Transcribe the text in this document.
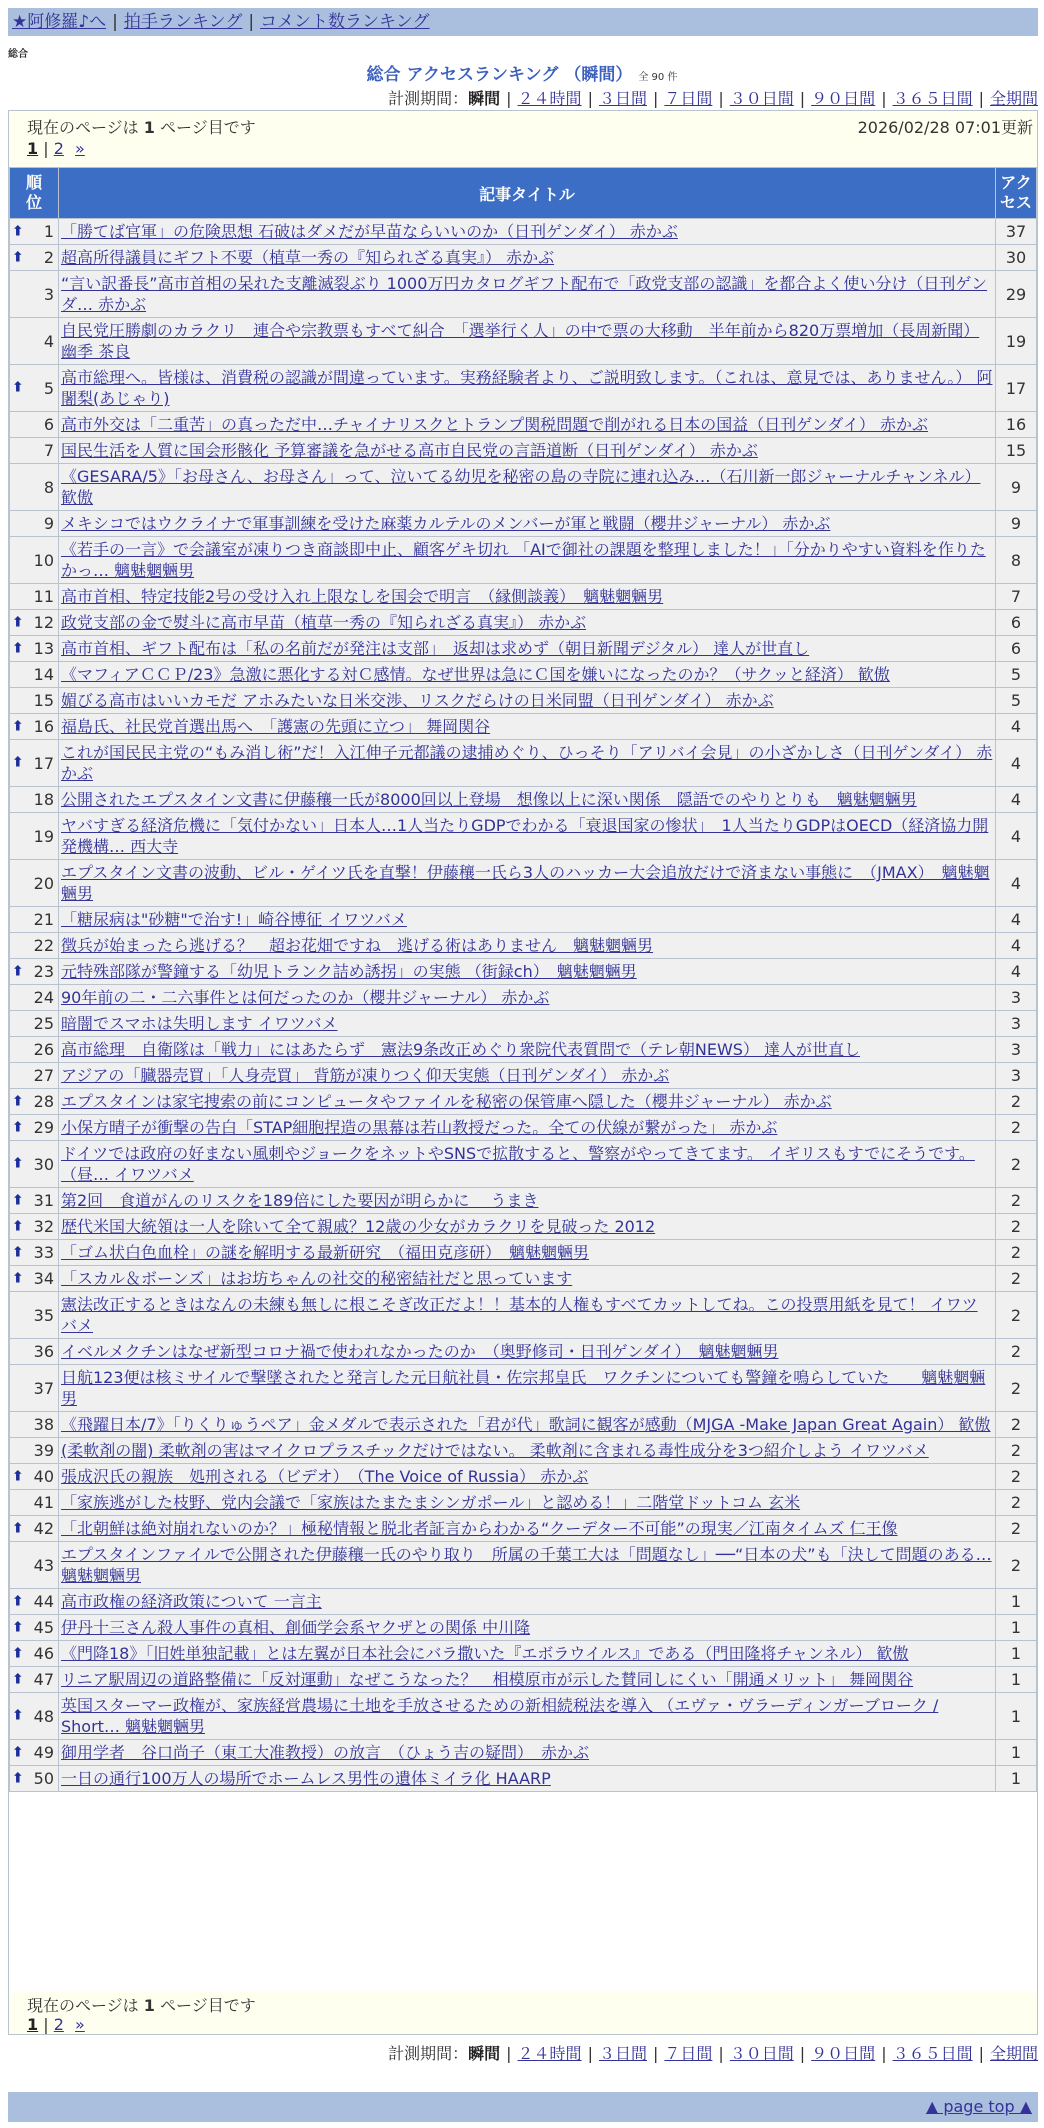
★阿修羅♪へ | 拍手ランキング | コメント数ランキング
総合
総合 アクセスランキング （瞬間） 全 90 件
計測期間：瞬間 | ２４時間 | ３日間 | ７日間 | ３０日間 | ９０日間 | ３６５日間 | 全期間
現在のページは 1 ページ目です	2026/02/28 07:01更新
1 | 2 »
順
位	記事タイトル	アク
セス

⬆ 1	「勝てば官軍」の危険思想 石破はダメだが早苗ならいいのか（日刊ゲンダイ） 赤かぶ	37

⬆ 2	超高所得議員にギフト不要（植草一秀の『知られざる真実』） 赤かぶ	30
3	“言い訳番長”高市首相の呆れた支離滅裂ぶり 1000万円カタログギフト配布で「政党支部の認識」を都合よく使い分け（日刊ゲンダ… 赤かぶ	29
4	自民党圧勝劇のカラクリ　連合や宗教票もすべて糾合　「選挙行く人」の中で票の大移動　半年前から820万票増加（長周新聞） 幽季 茶良	19

⬆ 5	高市総理へ。皆様は、消費税の認識が間違っています。実務経験者より、ご説明致します。（これは、意見では、ありません。） 阿闍梨(あじゃり)	17
6	高市外交は「二重苦」の真っただ中…チャイナリスクとトランプ関税問題で削がれる日本の国益（日刊ゲンダイ） 赤かぶ	16
7	国民生活を人質に国会形骸化 予算審議を急がせる高市自民党の言語道断（日刊ゲンダイ） 赤かぶ	15
8	《GESARA/5》「お母さん、お母さん」って、泣いてる幼児を秘密の島の寺院に連れ込み…（石川新一郎ジャーナルチャンネル） 歓傲	9
9	メキシコではウクライナで軍事訓練を受けた麻薬カルテルのメンバーが軍と戦闘（櫻井ジャーナル） 赤かぶ	9
10	《若手の一言》で会議室が凍りつき商談即中止、顧客ゲキ切れ 「AIで御社の課題を整理しました！」「分かりやすい資料を作りたかっ… 魑魅魍魎男	8
11	高市首相、特定技能2号の受け入れ上限なしを国会で明言　（縁側談義）　魑魅魍魎男	7

⬆ 12	政党支部の金で熨斗に高市早苗（植草一秀の『知られざる真実』） 赤かぶ	6

⬆ 13	高市首相、ギフト配布は「私の名前だが発注は支部」　返却は求めず（朝日新聞デジタル） 達人が世直し	6
14	《マフィアＣＣＰ/23》急激に悪化する対Ｃ感情。なぜ世界は急にＣ国を嫌いになったのか？（サクッと経済） 歓傲	5
15	媚びる高市はいいカモだ アホみたいな日米交渉、リスクだらけの日米同盟（日刊ゲンダイ） 赤かぶ	5

⬆ 16	福島氏、社民党首選出馬へ　「護憲の先頭に立つ」 舞岡関谷	4

⬆ 17	これが国民民主党の“もみ消し術”だ！入江伸子元都議の逮捕めぐり、ひっそり「アリバイ会見」の小ざかしさ（日刊ゲンダイ） 赤かぶ	4
18	公開されたエプスタイン文書に伊藤穰一氏が8000回以上登場　想像以上に深い関係　隠語でのやりとりも　魑魅魍魎男	4
19	ヤバすぎる経済危機に「気付かない」日本人…1人当たりGDPでわかる「衰退国家の惨状」　1人当たりGDPはOECD（経済協力開発機構… 西大寺	4
20	エプスタイン文書の波動、ビル・ゲイツ氏を直撃！伊藤穰一氏ら3人のハッカー大会追放だけで済まない事態に　（JMAX）　魑魅魍魎男	4
21	「糖尿病は"砂糖"で治す!」崎谷博征 イワツバメ	4
22	徴兵が始まったら逃げる？　超お花畑ですね　逃げる術はありません　魑魅魍魎男	4

⬆ 23	元特殊部隊が警鐘する「幼児トランク詰め誘拐」の実態 （街録ch）　魑魅魍魎男	4
24	90年前の二・二六事件とは何だったのか（櫻井ジャーナル） 赤かぶ	3
25	暗闇でスマホは失明します イワツバメ	3
26	高市総理　自衛隊は「戦力」にはあたらず　憲法9条改正めぐり衆院代表質問で（テレ朝NEWS） 達人が世直し	3
27	アジアの「臓器売買」「人身売買」 背筋が凍りつく仰天実態（日刊ゲンダイ） 赤かぶ	3

⬆ 28	エプスタインは家宅捜索の前にコンピュータやファイルを秘密の保管庫へ隠した（櫻井ジャーナル） 赤かぶ	2

⬆ 29	小保方晴子が衝撃の告白「STAP細胞捏造の黒幕は若山教授だった。全ての伏線が繋がった」 赤かぶ	2

⬆ 30	ドイツでは政府の好まない風刺やジョークをネットやSNSで拡散すると、警察がやってきてます。 イギリスもすでにそうです。（昼… イワツバメ	2

⬆ 31	第2回　食道がんのリスクを189倍にした要因が明らかに　 うまき	2

⬆ 32	歴代米国大統領は一人を除いて全て親戚？12歳の少女がカラクリを見破った 2012	2

⬆ 33	「ゴム状白色血栓」の謎を解明する最新研究　（福田克彦研）　魑魅魍魎男	2

⬆ 34	「スカル＆ボーンズ」はお坊ちゃんの社交的秘密結社だと思っています	2
35	憲法改正するときはなんの未練も無しに根こそぎ改正だよ！！基本的人権もすべてカットしてね。この投票用紙を見て！ イワツバメ	2
36	イベルメクチンはなぜ新型コロナ禍で使われなかったのか　（奥野修司・日刊ゲンダイ）　魑魅魍魎男	2
37	日航123便は核ミサイルで撃墜されたと発言した元日航社員・佐宗邦皇氏　ワクチンについても警鐘を鳴らしていた　　魑魅魍魎男	2
38	《飛躍日本/7》「りくりゅうペア」金メダルで表示された「君が代」歌詞に観客が感動（MJGA -Make Japan Great Again） 歓傲	2
39	(柔軟剤の闇) 柔軟剤の害はマイクロプラスチックだけではない。 柔軟剤に含まれる毒性成分を3つ紹介しよう イワツバメ	2

⬆ 40	張成沢氏の親族　処刑される（ビデオ）　（The Voice of Russia） 赤かぶ	2
41	「家族逃がした枝野、党内会議で「家族はたまたまシンガポール」と認める！」二階堂ドットコム 玄米	2

⬆ 42	「北朝鮮は絶対崩れないのか？」極秘情報と脱北者証言からわかる“クーデター不可能”の現実／江南タイムズ 仁王像	2
43	エプスタインファイルで公開された伊藤穰一氏のやり取り　所属の千葉工大は「問題なし」──“日本の犬”も「決して問題のある… 魑魅魍魎男	2

⬆ 44	高市政権の経済政策について 一言主	1

⬆ 45	伊丹十三さん殺人事件の真相、創価学会系ヤクザとの関係 中川隆	1

⬆ 46	《門降18》「旧姓単独記載」とは左翼が日本社会にバラ撒いた『エボラウイルス』である（門田隆将チャンネル） 歓傲	1

⬆ 47	リニア駅周辺の道路整備に「反対運動」なぜこうなった？　相模原市が示した賛同しにくい「開通メリット」 舞岡関谷	1

⬆ 48	英国スターマー政権が、家族経営農場に土地を手放させるための新相続税法を導入 （エヴァ・ヴラーディンガーブローク / Short… 魑魅魍魎男	1

⬆ 49	御用学者　谷口尚子（東工大准教授）の放言　（ひょう吉の疑問）　赤かぶ	1

⬆ 50	一日の通行100万人の場所でホームレス男性の遺体ミイラ化 HAARP	1
現在のページは 1 ページ目です
1 | 2 »
計測期間：瞬間 | ２４時間 | ３日間 | ７日間 | ３０日間 | ９０日間 | ３６５日間 | 全期間
▲ page top ▲
